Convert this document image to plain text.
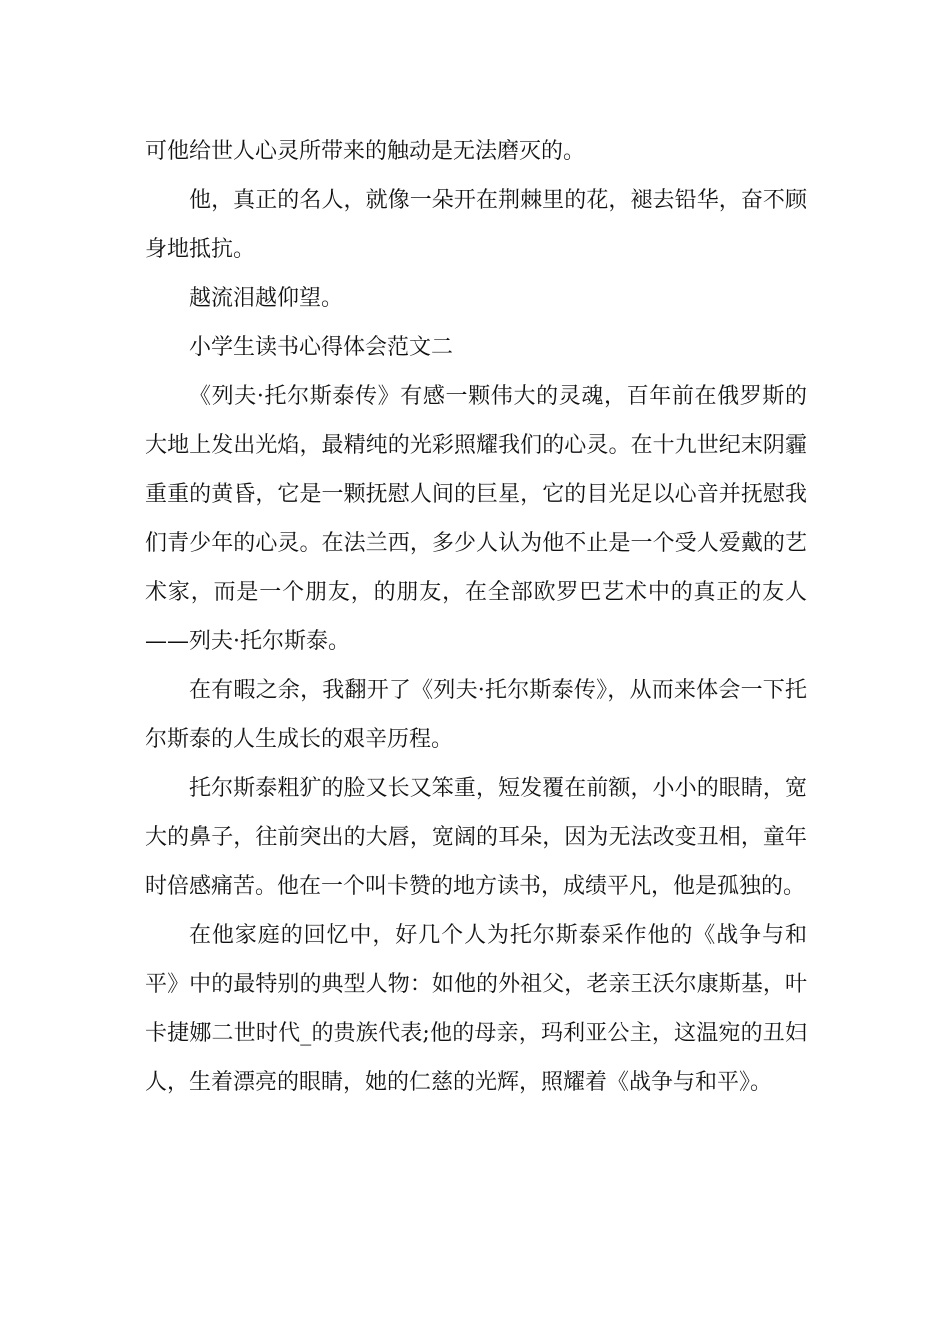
可他给世人心灵所带来的触动是无法磨灭的。

他，真正的名人，就像一朵开在荆棘里的花，褪去铅华，奋不顾身地抵抗。

越流泪越仰望。

小学生读书心得体会范文二

《列夫·托尔斯泰传》有感一颗伟大的灵魂，百年前在俄罗斯的大地上发出光焰，最精纯的光彩照耀我们的心灵。在十九世纪末阴霾重重的黄昏，它是一颗抚慰人间的巨星，它的目光足以心音并抚慰我们青少年的心灵。在法兰西，多少人认为他不止是一个受人爱戴的艺术家，而是一个朋友，的朋友，在全部欧罗巴艺术中的真正的友人——列夫·托尔斯泰。

在有暇之余，我翻开了《列夫·托尔斯泰传》，从而来体会一下托尔斯泰的人生成长的艰辛历程。

托尔斯泰粗犷的脸又长又笨重，短发覆在前额，小小的眼睛，宽大的鼻子，往前突出的大唇，宽阔的耳朵，因为无法改变丑相，童年时倍感痛苦。他在一个叫卡赞的地方读书，成绩平凡，他是孤独的。

在他家庭的回忆中，好几个人为托尔斯泰采作他的《战争与和平》中的最特别的典型人物：如他的外祖父，老亲王沃尔康斯基，叶卡捷娜二世时代_的贵族代表;他的母亲，玛利亚公主，这温宛的丑妇人，生着漂亮的眼睛，她的仁慈的光辉，照耀着《战争与和平》。
